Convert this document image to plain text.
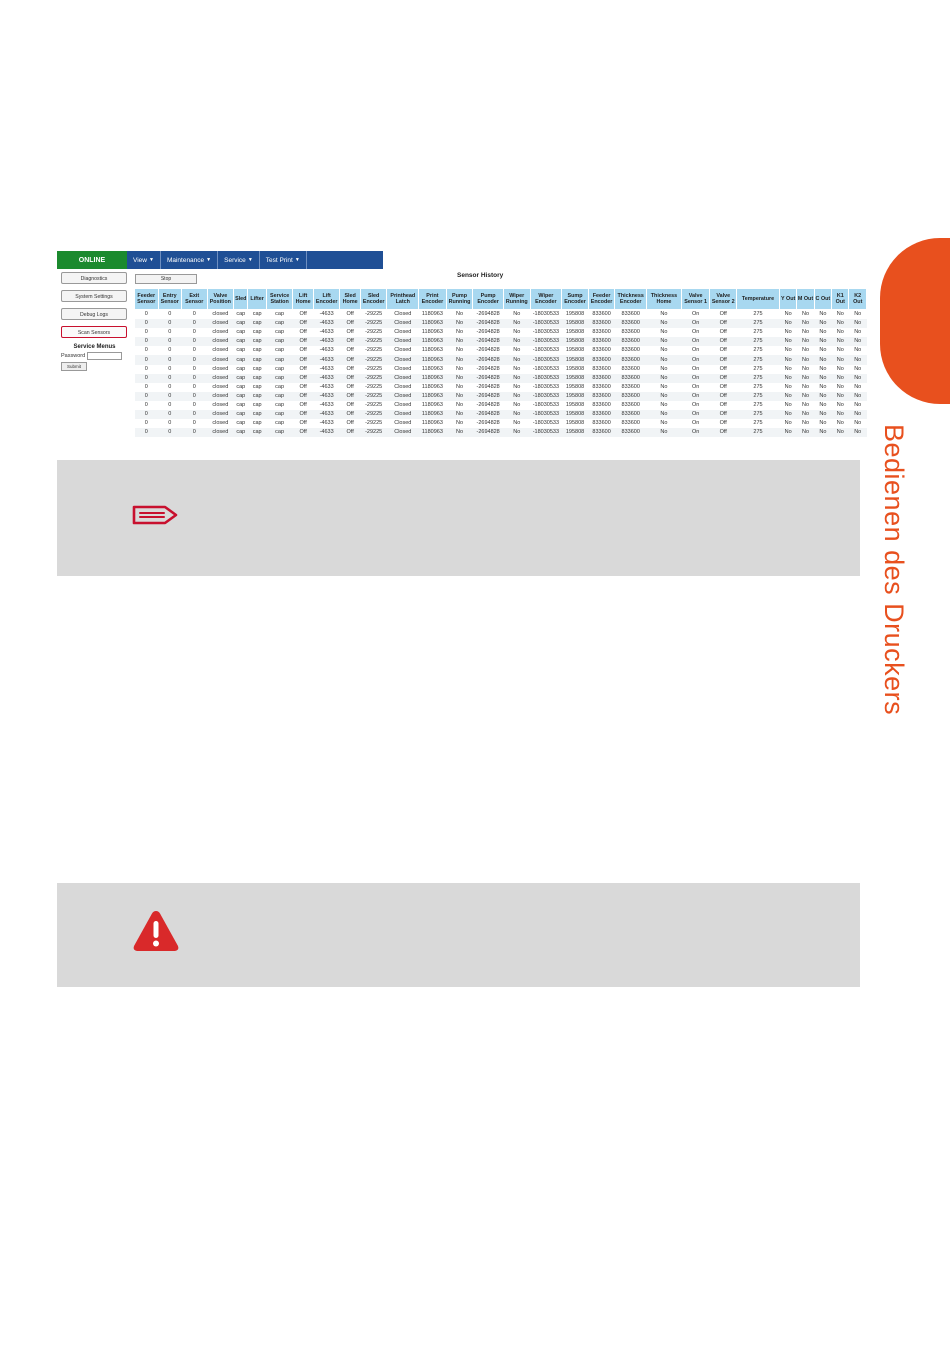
Bedienen des Druckers
ONLINE	View ▼ Maintenance ▼ Service ▼ Test Print ▼
Diagnostics
System Settings
Debug Logs
Scan Sensors
Service Menus
Password
Submit
Stop	Sensor History
Feeder Sensor	Entry Sensor	Exit Sensor	Valve Position	Sled	Lifter	Service Station	Lift Home	Lift Encoder	Sled Home	Sled Encoder	Printhead Latch	Print Encoder	Pump Running	Pump Encoder	Wiper Running	Wiper Encoder	Sump Encoder	Feeder Encoder	Thickness Encoder	Thickness Home	Valve Sensor 1	Valve Sensor 2	Temperature	Y Out	M Out	C Out	K1 Out	K2 Out
0	0	0	closed	cap	cap	cap	Off	-4633	Off	-29225	Closed	1180963	No	-2694828	No	-18030533	195808	833600	833600	No	On	Off	275	No	No	No	No	No
0	0	0	closed	cap	cap	cap	Off	-4633	Off	-29225	Closed	1180963	No	-2694828	No	-18030533	195808	833600	833600	No	On	Off	275	No	No	No	No	No
0	0	0	closed	cap	cap	cap	Off	-4633	Off	-29225	Closed	1180963	No	-2694828	No	-18030533	195808	833600	833600	No	On	Off	275	No	No	No	No	No
0	0	0	closed	cap	cap	cap	Off	-4633	Off	-29225	Closed	1180963	No	-2694828	No	-18030533	195808	833600	833600	No	On	Off	275	No	No	No	No	No
0	0	0	closed	cap	cap	cap	Off	-4633	Off	-29225	Closed	1180963	No	-2694828	No	-18030533	195808	833600	833600	No	On	Off	275	No	No	No	No	No
0	0	0	closed	cap	cap	cap	Off	-4633	Off	-29225	Closed	1180963	No	-2694828	No	-18030533	195808	833600	833600	No	On	Off	275	No	No	No	No	No
0	0	0	closed	cap	cap	cap	Off	-4633	Off	-29225	Closed	1180963	No	-2694828	No	-18030533	195808	833600	833600	No	On	Off	275	No	No	No	No	No
0	0	0	closed	cap	cap	cap	Off	-4633	Off	-29225	Closed	1180963	No	-2694828	No	-18030533	195808	833600	833600	No	On	Off	275	No	No	No	No	No
0	0	0	closed	cap	cap	cap	Off	-4633	Off	-29225	Closed	1180963	No	-2694828	No	-18030533	195808	833600	833600	No	On	Off	275	No	No	No	No	No
0	0	0	closed	cap	cap	cap	Off	-4633	Off	-29225	Closed	1180963	No	-2694828	No	-18030533	195808	833600	833600	No	On	Off	275	No	No	No	No	No
0	0	0	closed	cap	cap	cap	Off	-4633	Off	-29225	Closed	1180963	No	-2694828	No	-18030533	195808	833600	833600	No	On	Off	275	No	No	No	No	No
0	0	0	closed	cap	cap	cap	Off	-4633	Off	-29225	Closed	1180963	No	-2694828	No	-18030533	195808	833600	833600	No	On	Off	275	No	No	No	No	No
0	0	0	closed	cap	cap	cap	Off	-4633	Off	-29225	Closed	1180963	No	-2694828	No	-18030533	195808	833600	833600	No	On	Off	275	No	No	No	No	No
0	0	0	closed	cap	cap	cap	Off	-4633	Off	-29225	Closed	1180963	No	-2694828	No	-18030533	195808	833600	833600	No	On	Off	275	No	No	No	No	No
